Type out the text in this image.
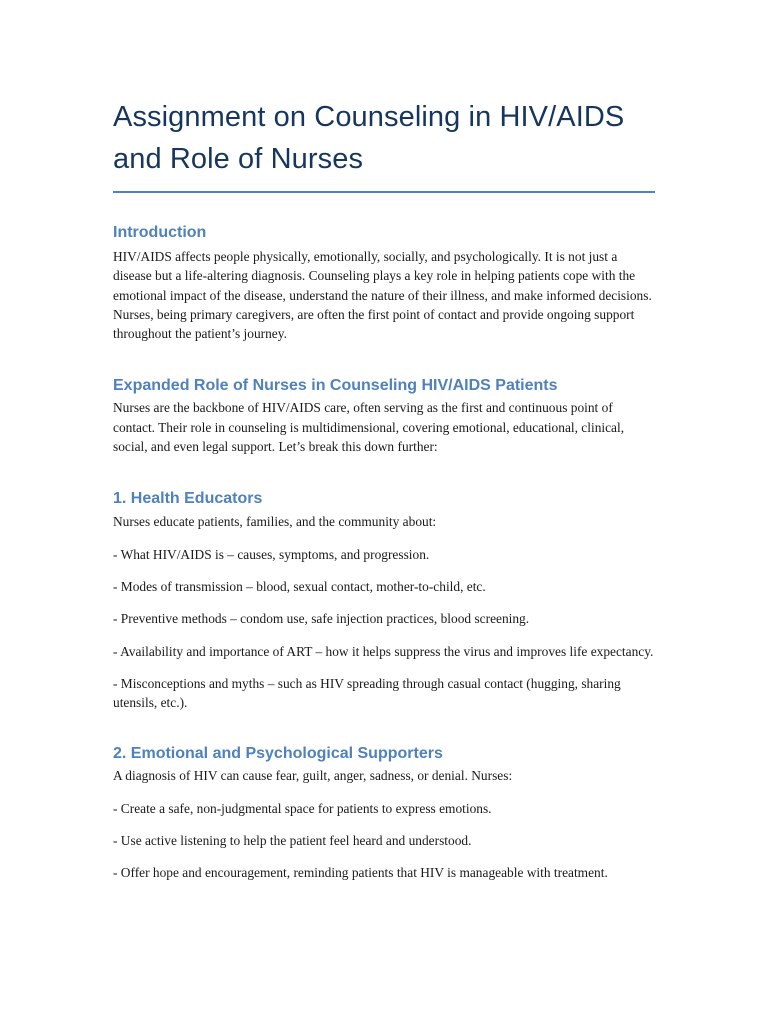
Assignment on Counseling in HIV/AIDS and Role of Nurses
Introduction

HIV/AIDS affects people physically, emotionally, socially, and psychologically. It is not just a disease but a life-altering diagnosis. Counseling plays a key role in helping patients cope with the emotional impact of the disease, understand the nature of their illness, and make informed decisions. Nurses, being primary caregivers, are often the first point of contact and provide ongoing support throughout the patient’s journey.

Expanded Role of Nurses in Counseling HIV/AIDS Patients

Nurses are the backbone of HIV/AIDS care, often serving as the first and continuous point of contact. Their role in counseling is multidimensional, covering emotional, educational, clinical, social, and even legal support. Let’s break this down further:

1. Health Educators

Nurses educate patients, families, and the community about:

- What HIV/AIDS is – causes, symptoms, and progression.

- Modes of transmission – blood, sexual contact, mother-to-child, etc.

- Preventive methods – condom use, safe injection practices, blood screening.

- Availability and importance of ART – how it helps suppress the virus and improves life expectancy.

- Misconceptions and myths – such as HIV spreading through casual contact (hugging, sharing utensils, etc.).

2. Emotional and Psychological Supporters

A diagnosis of HIV can cause fear, guilt, anger, sadness, or denial. Nurses:

- Create a safe, non-judgmental space for patients to express emotions.

- Use active listening to help the patient feel heard and understood.

- Offer hope and encouragement, reminding patients that HIV is manageable with treatment.
